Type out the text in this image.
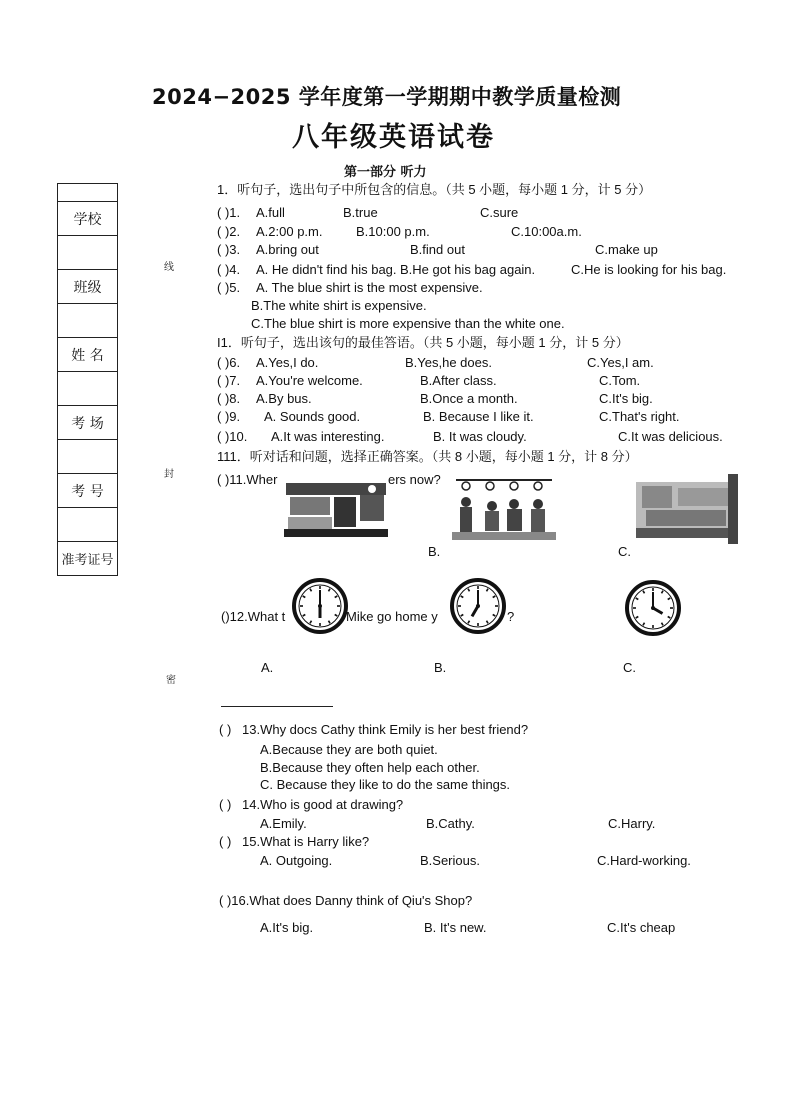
2024−2025 学年度第一学期期中教学质量检测
八年级英语试卷
第一部分 听力
学校
班级
姓 名
考 场
考 号
准考证号
线
封
密
1．听句子，选出句子中所包含的信息。（共 5 小题，每小题 1 分，计 5 分）
( )1. A.full	B.true	C.sure
( )2. A.2:00 p.m.	B.10:00 p.m.	C.10:00a.m.
( )3. A.bring out	B.find out	C.make up
( )4. A. He didn't find his bag. B.He got his bag again.	C.He is looking for his bag.
( )5. A. The blue shirt is the most expensive.
B.The white shirt is expensive.
C.The blue shirt is more expensive than the white one.
I1．听句子，选出该句的最佳答语。（共 5 小题，每小题 1 分，计 5 分）
( )6. A.Yes,I do.	B.Yes,he does.	C.Yes,I am.
( )7. A.You're welcome.	B.After class.	C.Tom.
( )8. A.By bus.	B.Once a month.	C.It's big.
( )9. A. Sounds good.	B. Because I like it.	C.That's right.
( )10. A.It was interesting.	B. It was cloudy.	C.It was delicious.
111．听对话和问题，选择正确答案。（共 8 小题，每小题 1 分，计 8 分）
( )11.Wher	ers now?
B.	C.
()12.What t	Mike go home y	?
A.	B.	C.
( ) 13.Why docs Cathy think Emily is her best friend?
A.Because they are both quiet.
B.Because they often help each other.
C. Because they like to do the same things.
( ) 14.Who is good at drawing?
A.Emily.	B.Cathy.	C.Harry.
( ) 15.What is Harry like?
A. Outgoing.	B.Serious.	C.Hard-working.
( )16.What does Danny think of Qiu's Shop?
A.It's big.	B. It's new.	C.It's cheap
